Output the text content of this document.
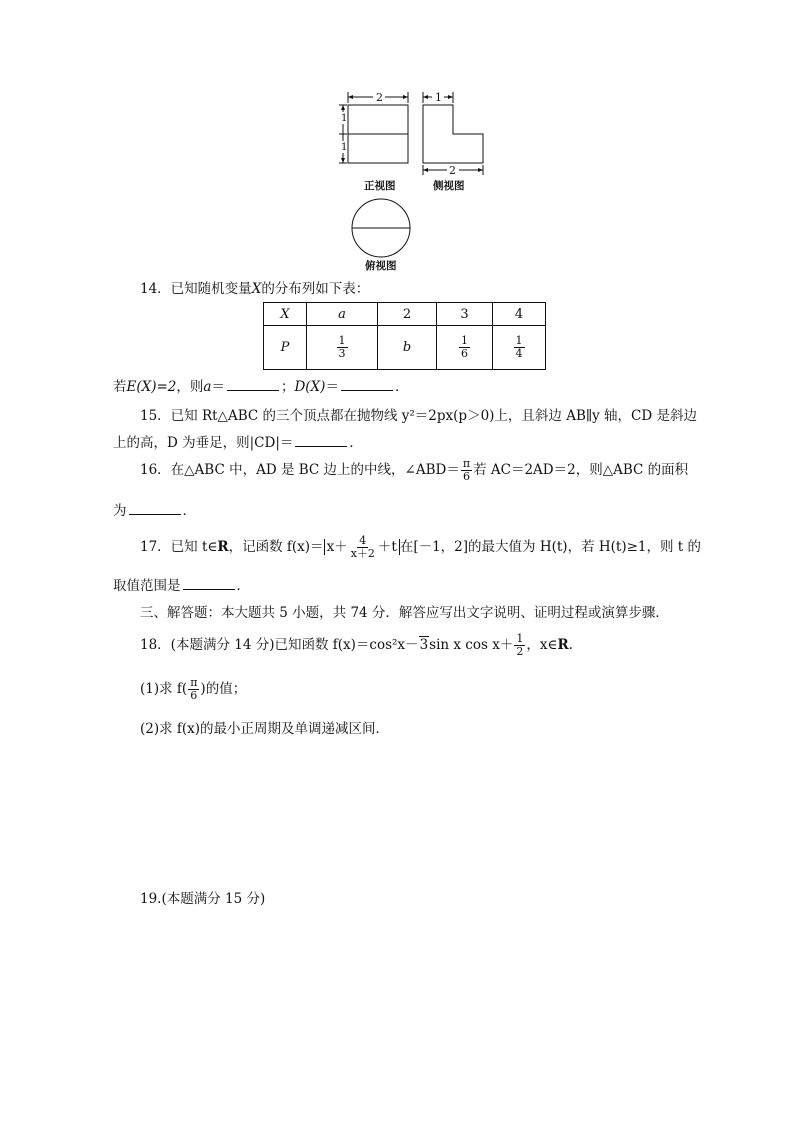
2	1
2
1
1
正视图	侧视图
俯视图
14．已知随机变量X的分布列如下表：
X	a	2	3	4
P	$\frac{1}{3}$	b	$\frac{1}{6}$	$\frac{1}{4}$
若E(X)=2，则a＝	；D(X)＝	．
15．已知 Rt△ABC 的三个顶点都在抛物线 y²＝2px(p＞0)上，且斜边 AB∥y 轴，CD 是斜边
上的高，D 为垂足，则|CD|＝	．
16．在△ABC 中，AD 是 BC 边上的中线，∠ABD＝ $\frac{\pi}{6}$ 若 AC＝2AD＝2，则△ABC 的面积
为	．
17．已知 t∈R，记函数 $f(x)= x+ \frac{4}{x+2} +t$ 在[－1，2]的最大值为 H(t)，若 H(t)≥1，则 t 的
取值范围是	．
三、解答题：本大题共 5 小题，共 74 分．解答应写出文字说明、证明过程或演算步骤．
18．(本题满分 14 分)已知函数 f(x)＝cos²x－3sin x $\cos x+ \frac{1}{2}$ ，x∈R.
(1)求 $f( \frac{\pi}{6}$ )的值；
(2)求 f(x)的最小正周期及单调递减区间．
19.(本题满分 15 分)
